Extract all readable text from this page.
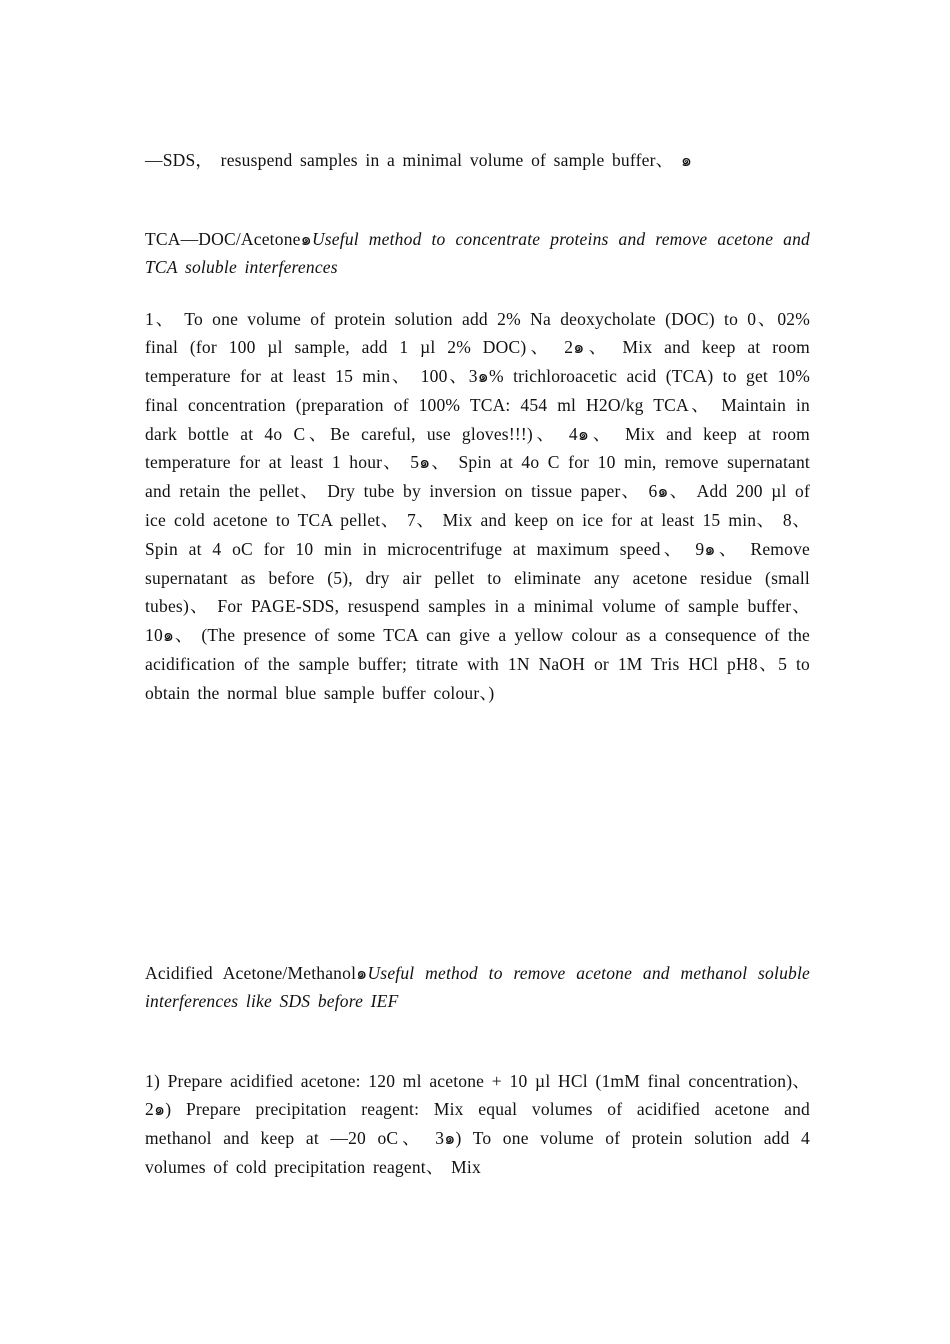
—SDS， resuspend samples in a minimal volume of sample buffer、 ๑

TCA—DOC/Acetone๑Useful method to concentrate proteins and remove acetone and TCA soluble interferences

1、 To one volume of protein solution add 2% Na deoxycholate (DOC) to 0、02% final (for 100 µl sample, add 1 µl 2% DOC)、 2๑、 Mix and keep at room temperature for at least 15 min、 100、3๑% trichloroacetic acid (TCA) to get 10% final concentration (preparation of 100% TCA: 454 ml H2O/kg TCA、 Maintain in dark bottle at 4o C、Be careful, use gloves!!!)、 4๑、 Mix and keep at room temperature for at least 1 hour、 5๑、 Spin at 4o C for 10 min, remove supernatant and retain the pellet、 Dry tube by inversion on tissue paper、 6๑、 Add 200 µl of ice cold acetone to TCA pellet、 7、 Mix and keep on ice for at least 15 min、 8、 Spin at 4 oC for 10 min in microcentrifuge at maximum speed、 9๑、 Remove supernatant as before (5), dry air pellet to eliminate any acetone residue (small tubes)、 For PAGE-SDS, resuspend samples in a minimal volume of sample buffer、 10๑、 (The presence of some TCA can give a yellow colour as a consequence of the acidification of the sample buffer; titrate with 1N NaOH or 1M Tris HCl pH8、5 to obtain the normal blue sample buffer colour、)

Acidified Acetone/Methanol๑Useful method to remove acetone and methanol soluble interferences like SDS before IEF

1) Prepare acidified acetone: 120 ml acetone + 10 µl HCl (1mM final concentration)、 2๑) Prepare precipitation reagent: Mix equal volumes of acidified acetone and methanol and keep at —20 oC、 3๑) To one volume of protein solution add 4 volumes of cold precipitation reagent、 Mix
